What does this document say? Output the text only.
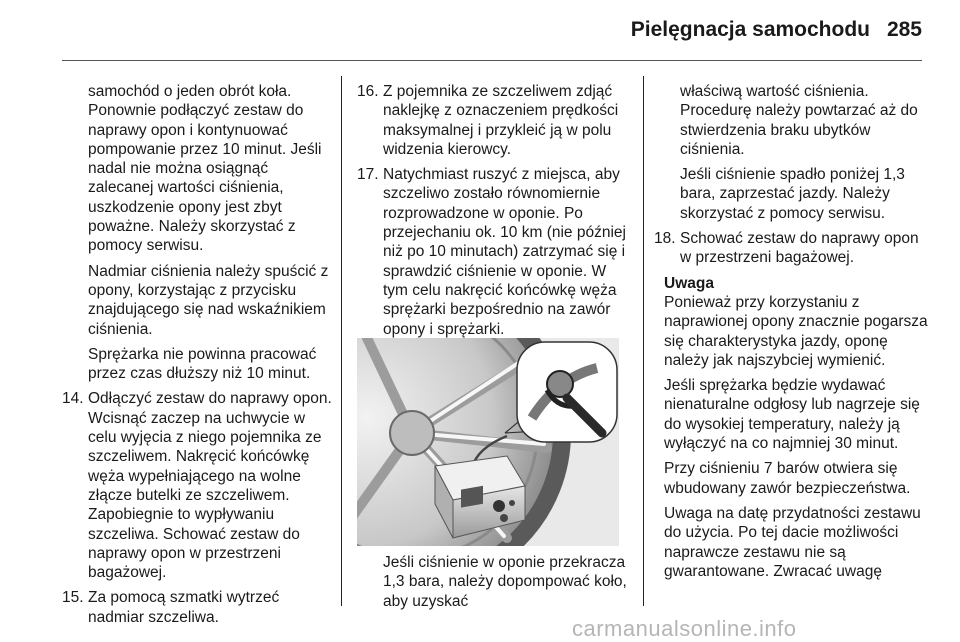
Pielęgnacja samochodu 285

samochód o jeden obrót koła. Ponownie podłączyć zestaw do naprawy opon i kontynuować pompowanie przez 10 minut. Jeśli nadal nie można osiągnąć zalecanej wartości ciśnienia, uszkodzenie opony jest zbyt poważne. Należy skorzystać z pomocy serwisu.

Nadmiar ciśnienia należy spuścić z opony, korzystając z przycisku znajdującego się nad wskaźnikiem ciśnienia.

Sprężarka nie powinna pracować przez czas dłuższy niż 10 minut.

14. Odłączyć zestaw do naprawy opon. Wcisnąć zaczep na uchwycie w celu wyjęcia z niego pojemnika ze szczeliwem. Nakręcić końcówkę węża wypełniającego na wolne złącze butelki ze szczeliwem. Zapobiegnie to wypływaniu szczeliwa. Schować zestaw do naprawy opon w przestrzeni bagażowej.
15. Za pomocą szmatki wytrzeć nadmiar szczeliwa.
16. Z pojemnika ze szczeliwem zdjąć naklejkę z oznaczeniem prędkości maksymalnej i przykleić ją w polu widzenia kierowcy.
17. Natychmiast ruszyć z miejsca, aby szczeliwo zostało równomiernie rozprowadzone w oponie. Po przejechaniu ok. 10 km (nie później niż po 10 minutach) zatrzymać się i sprawdzić ciśnienie w oponie. W tym celu nakręcić końcówkę węża sprężarki bezpośrednio na zawór opony i sprężarki.

Jeśli ciśnienie w oponie przekracza 1,3 bara, należy dopompować koło, aby uzyskać

właściwą wartość ciśnienia. Procedurę należy powtarzać aż do stwierdzenia braku ubytków ciśnienia.

Jeśli ciśnienie spadło poniżej 1,3 bara, zaprzestać jazdy. Należy skorzystać z pomocy serwisu.

18. Schować zestaw do naprawy opon w przestrzeni bagażowej.

Uwaga

Ponieważ przy korzystaniu z naprawionej opony znacznie pogarsza się charakterystyka jazdy, oponę należy jak najszybciej wymienić.

Jeśli sprężarka będzie wydawać nienaturalne odgłosy lub nagrzeje się do wysokiej temperatury, należy ją wyłączyć na co najmniej 30 minut.

Przy ciśnieniu 7 barów otwiera się wbudowany zawór bezpieczeństwa.

Uwaga na datę przydatności zestawu do użycia. Po tej dacie możliwości naprawcze zestawu nie są gwarantowane. Zwracać uwagę

carmanualsonline.info
